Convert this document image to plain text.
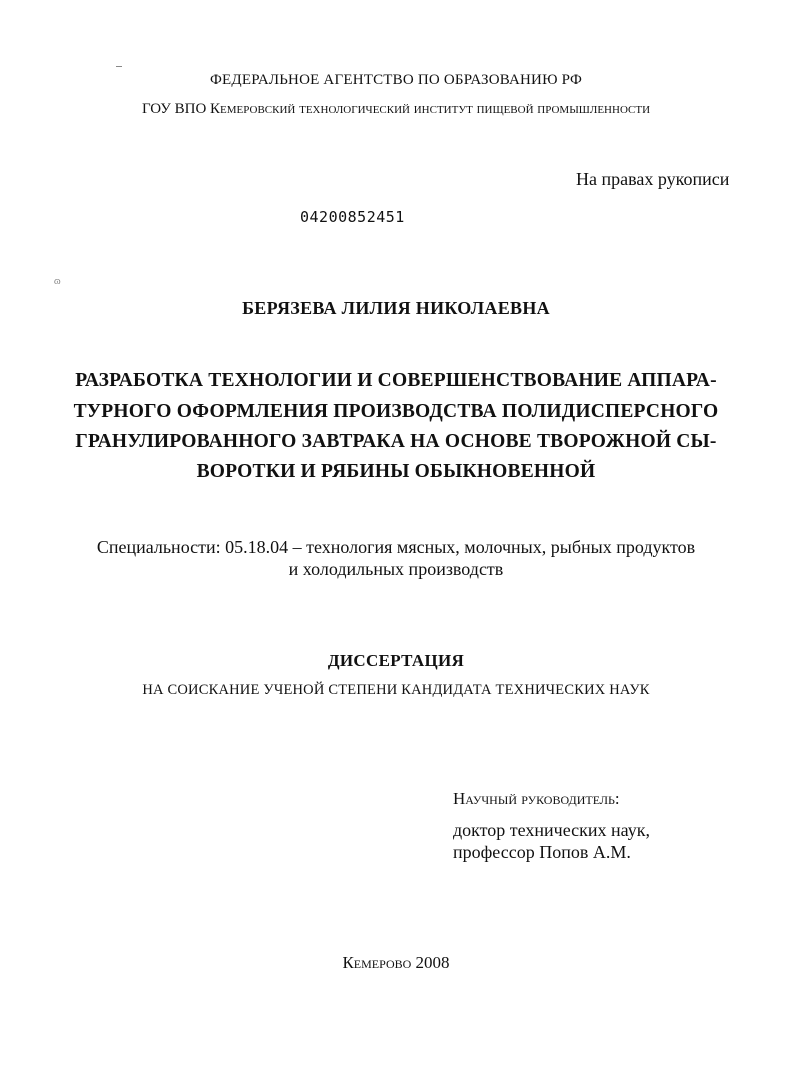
ФЕДЕРАЛЬНОЕ АГЕНТСТВО ПО ОБРАЗОВАНИЮ РФ
ГОУ ВПО Кемеровский технологический институт пищевой промышленности
На правах рукописи
04200852451
ɷ
БЕРЯЗЕВА ЛИЛИЯ НИКОЛАЕВНА
РАЗРАБОТКА ТЕХНОЛОГИИ И СОВЕРШЕНСТВОВАНИЕ АППАРА-
ТУРНОГО ОФОРМЛЕНИЯ ПРОИЗВОДСТВА ПОЛИДИСПЕРСНОГО
ГРАНУЛИРОВАННОГО ЗАВТРАКА НА ОСНОВЕ ТВОРОЖНОЙ СЫ-
ВОРОТКИ И РЯБИНЫ ОБЫКНОВЕННОЙ
Специальности: 05.18.04 – технология мясных, молочных, рыбных продуктов
и холодильных производств
ДИССЕРТАЦИЯ
НА СОИСКАНИЕ УЧЕНОЙ СТЕПЕНИ КАНДИДАТА ТЕХНИЧЕСКИХ НАУК
Научный руководитель:
доктор технических наук,
профессор Попов А.М.
Кемерово 2008
